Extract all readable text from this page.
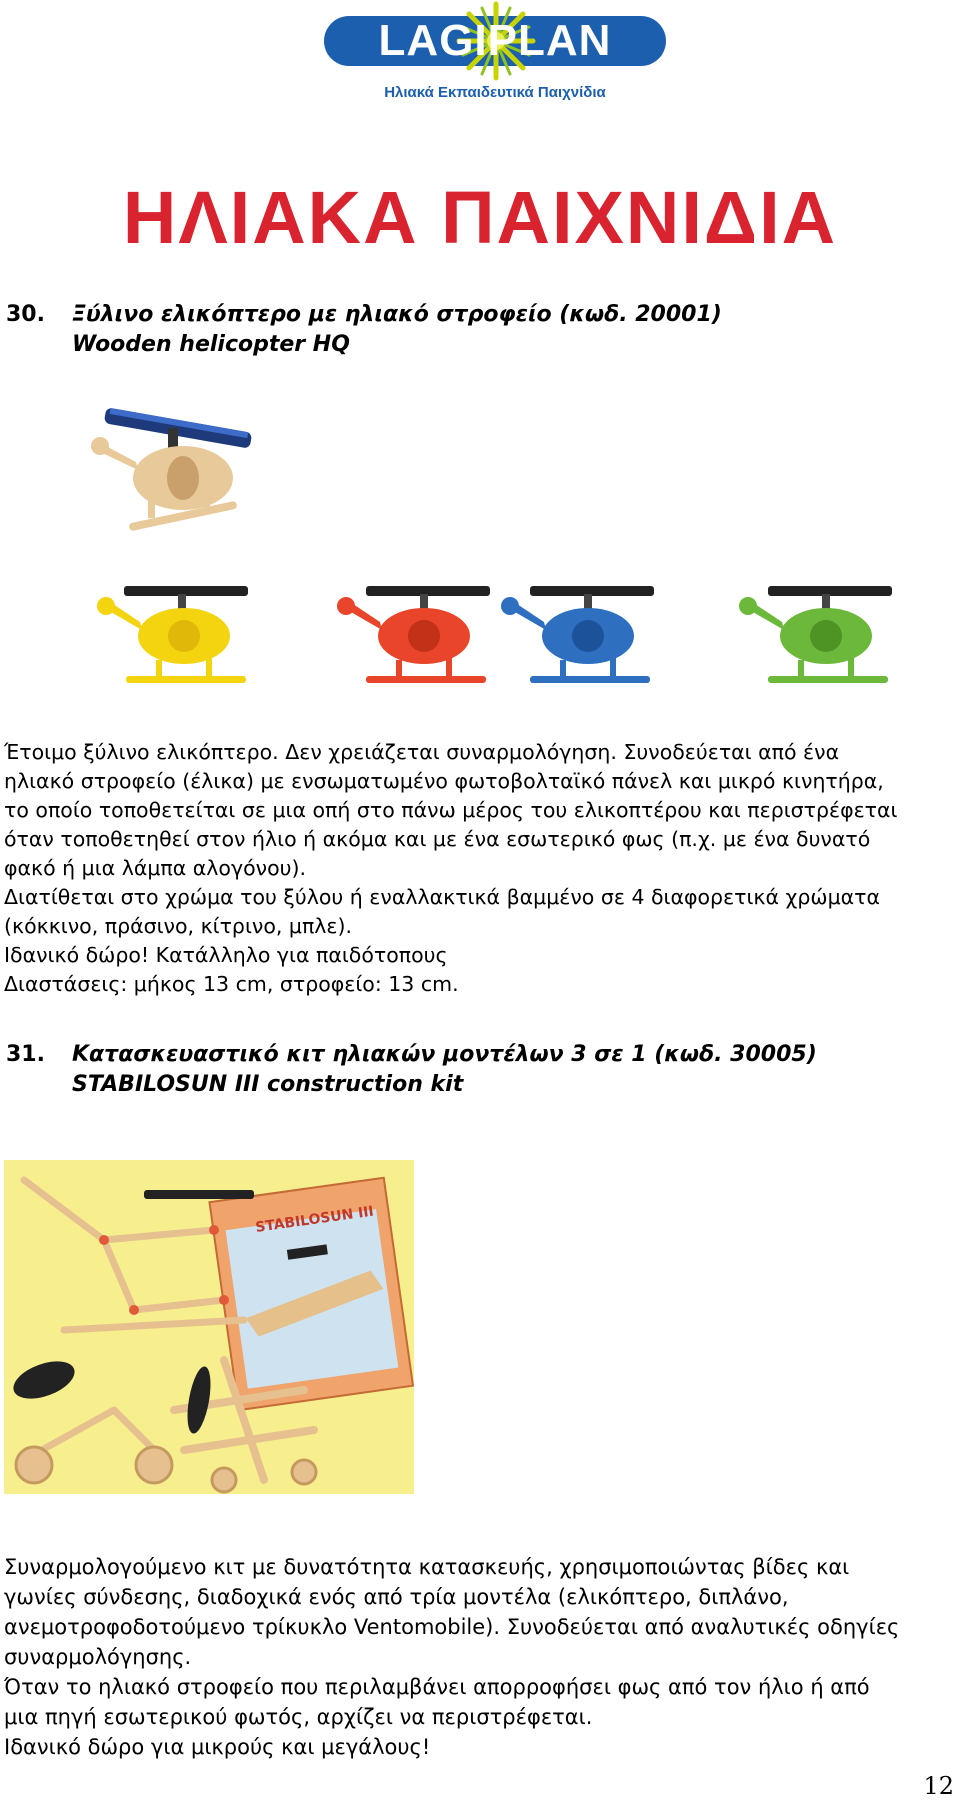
LAGIPLAN
Ηλιακά Εκπαιδευτικά Παιχνίδια
ΗΛΙΑΚΑ ΠΑΙΧΝΙΔΙΑ
30. Ξύλινο ελικόπτερο με ηλιακό στροφείο (κωδ. 20001)
Wooden helicopter HQ

Έτοιμο ξύλινο ελικόπτερο. Δεν χρειάζεται συναρμολόγηση. Συνοδεύεται από ένα

ηλιακό στροφείο (έλικα) με ενσωματωμένο φωτοβολταϊκό πάνελ και μικρό κινητήρα,

το οποίο τοποθετείται σε μια οπή στο πάνω μέρος του ελικοπτέρου και περιστρέφεται

όταν τοποθετηθεί στον ήλιο ή ακόμα και με ένα εσωτερικό φως (π.χ. με ένα δυνατό

φακό ή μια λάμπα αλογόνου).

Διατίθεται στο χρώμα του ξύλου ή εναλλακτικά βαμμένο σε 4 διαφορετικά χρώματα

(κόκκινο, πράσινο, κίτρινο, μπλε).

Ιδανικό δώρο! Κατάλληλο για παιδότοπους

Διαστάσεις: μήκος 13 cm, στροφείο: 13 cm.

31. Κατασκευαστικό κιτ ηλιακών μοντέλων 3 σε 1 (κωδ. 30005)
STABILOSUN III construction kit
STABILOSUN III

Συναρμολογούμενο κιτ με δυνατότητα κατασκευής, χρησιμοποιώντας βίδες και

γωνίες σύνδεσης, διαδοχικά ενός από τρία μοντέλα (ελικόπτερο, διπλάνο,

ανεμοτροφοδοτούμενο τρίκυκλο Ventomobile). Συνοδεύεται από αναλυτικές οδηγίες

συναρμολόγησης.

Όταν το ηλιακό στροφείο που περιλαμβάνει απορροφήσει φως από τον ήλιο ή από

μια πηγή εσωτερικού φωτός, αρχίζει να περιστρέφεται.

Ιδανικό δώρο για μικρούς και μεγάλους!

12
